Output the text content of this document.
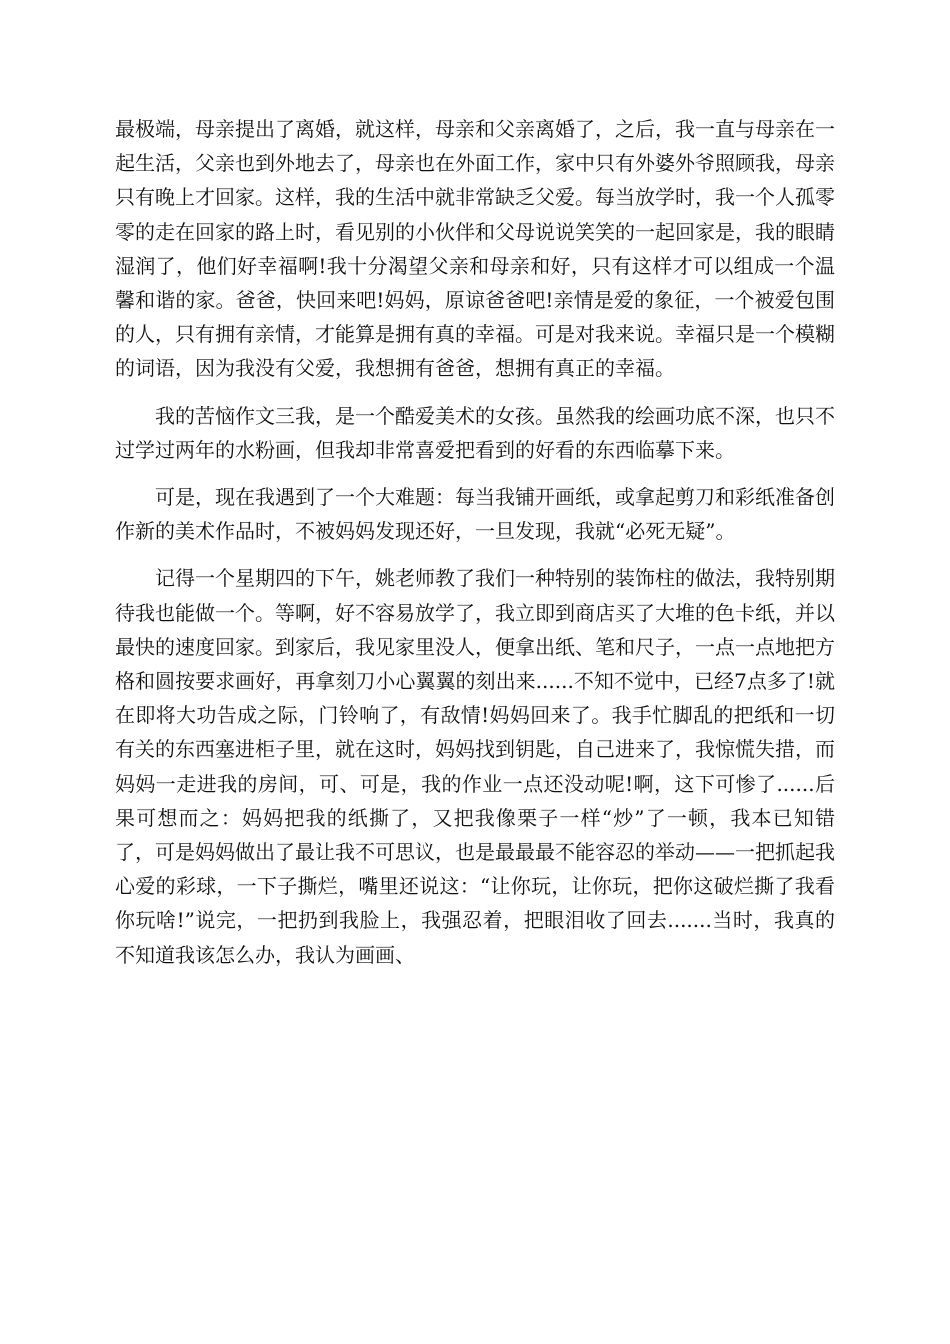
最极端，母亲提出了离婚，就这样，母亲和父亲离婚了，之后，我一直与母亲在一起生活，父亲也到外地去了，母亲也在外面工作，家中只有外婆外爷照顾我，母亲只有晚上才回家。这样，我的生活中就非常缺乏父爱。每当放学时，我一个人孤零零的走在回家的路上时，看见别的小伙伴和父母说说笑笑的一起回家是，我的眼睛湿润了，他们好幸福啊!我十分渴望父亲和母亲和好，只有这样才可以组成一个温馨和谐的家。爸爸，快回来吧!妈妈，原谅爸爸吧!亲情是爱的象征，一个被爱包围的人，只有拥有亲情，才能算是拥有真的幸福。可是对我来说。幸福只是一个模糊的词语，因为我没有父爱，我想拥有爸爸，想拥有真正的幸福。

我的苦恼作文三我，是一个酷爱美术的女孩。虽然我的绘画功底不深，也只不过学过两年的水粉画，但我却非常喜爱把看到的好看的东西临摹下来。

可是，现在我遇到了一个大难题：每当我铺开画纸，或拿起剪刀和彩纸准备创作新的美术作品时，不被妈妈发现还好，一旦发现，我就“必死无疑”。

记得一个星期四的下午，姚老师教了我们一种特别的装饰柱的做法，我特别期待我也能做一个。等啊，好不容易放学了，我立即到商店买了大堆的色卡纸，并以最快的速度回家。到家后，我见家里没人，便拿出纸、笔和尺子，一点一点地把方格和圆按要求画好，再拿刻刀小心翼翼的刻出来......不知不觉中，已经7点多了!就在即将大功告成之际，门铃响了，有敌情!妈妈回来了。我手忙脚乱的把纸和一切有关的东西塞进柜子里，就在这时，妈妈找到钥匙，自己进来了，我惊慌失措，而妈妈一走进我的房间，可、可是，我的作业一点还没动呢!啊，这下可惨了......后果可想而之：妈妈把我的纸撕了，又把我像栗子一样“炒”了一顿，我本已知错了，可是妈妈做出了最让我不可思议，也是最最最不能容忍的举动——一把抓起我心爱的彩球，一下子撕烂，嘴里还说这：“让你玩，让你玩，把你这破烂撕了我看你玩啥!”说完，一把扔到我脸上，我强忍着，把眼泪收了回去.......当时，我真的不知道我该怎么办，我认为画画、
